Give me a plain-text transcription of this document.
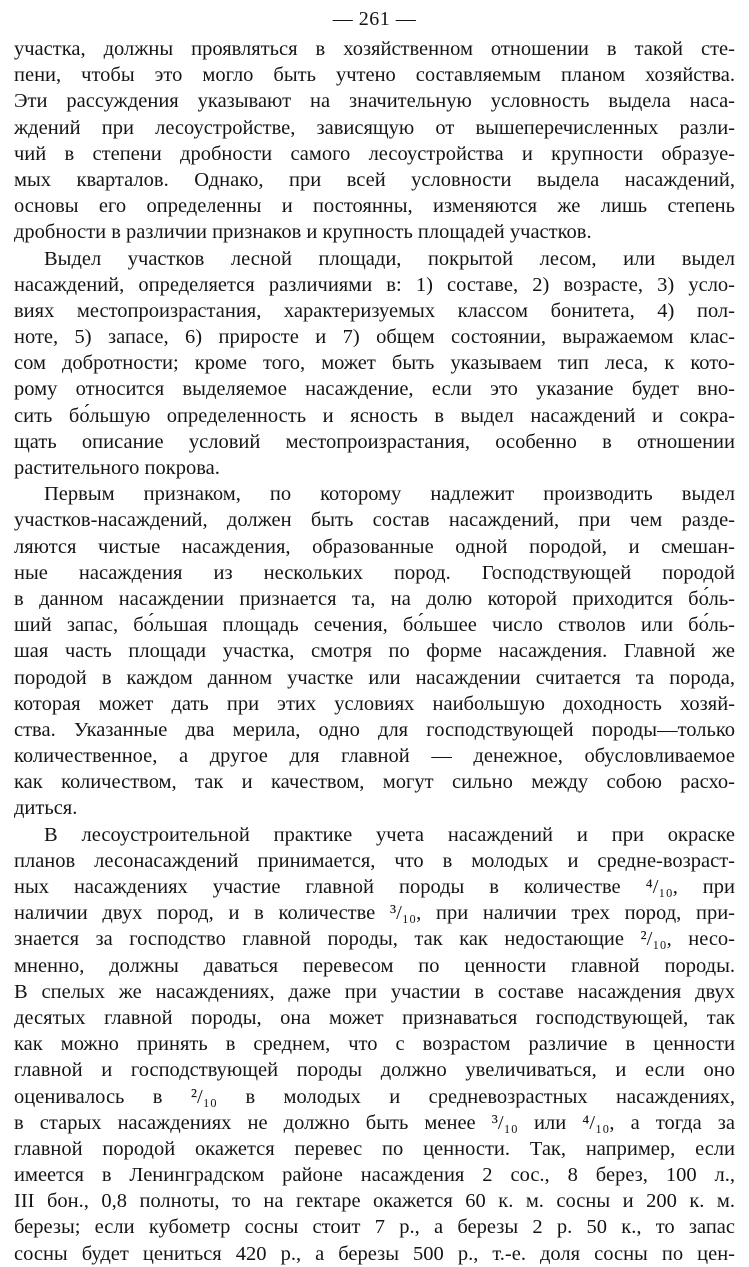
— 261 —
участка, должны проявляться в хозяйственном отношении в такой сте-
пени, чтобы это могло быть учтено составляемым планом хозяйства.
Эти рассуждения указывают на значительную условность выдела наса-
ждений при лесоустройстве, зависящую от вышеперечисленных разли-
чий в степени дробности самого лесоустройства и крупности образуе-
мых кварталов. Однако, при всей условности выдела насаждений,
основы его определенны и постоянны, изменяются же лишь степень
дробности в различии признаков и крупность площадей участков.
Выдел участков лесной площади, покрытой лесом, или выдел
насаждений, определяется различиями в: 1) составе, 2) возрасте, 3) усло-
виях местопроизрастания, характеризуемых классом бонитета, 4) пол-
ноте, 5) запасе, 6) приросте и 7) общем состоянии, выражаемом клас-
сом добротности; кроме того, может быть указываем тип леса, к кото-
рому относится выделяемое насаждение, если это указание будет вно-
сить бо́льшую определенность и ясность в выдел насаждений и сокра-
щать описание условий местопроизрастания, особенно в отношении
растительного покрова.
Первым признаком, по которому надлежит производить выдел
участков-насаждений, должен быть состав насаждений, при чем разде-
ляются чистые насаждения, образованные одной породой, и смешан-
ные насаждения из нескольких пород. Господствующей породой
в данном насаждении признается та, на долю которой приходится бо́ль-
ший запас, бо́льшая площадь сечения, бо́льшее число стволов или бо́ль-
шая часть площади участка, смотря по форме насаждения. Главной же
породой в каждом данном участке или насаждении считается та порода,
которая может дать при этих условиях наибольшую доходность хозяй-
ства. Указанные два мерила, одно для господствующей породы—только
количественное, а другое для главной — денежное, обусловливаемое
как количеством, так и качеством, могут сильно между собою расхо-
диться.
В лесоустроительной практике учета насаждений и при окраске
планов лесонасаждений принимается, что в молодых и средне-возраст-
ных насаждениях участие главной породы в количестве ⁴/₁₀, при
наличии двух пород, и в количестве ³/₁₀, при наличии трех пород, при-
знается за господство главной породы, так как недостающие ²/₁₀, несо-
мненно, должны даваться перевесом по ценности главной породы.
В спелых же насаждениях, даже при участии в составе насаждения двух
десятых главной породы, она может признаваться господствующей, так
как можно принять в среднем, что с возрастом различие в ценности
главной и господствующей породы должно увеличиваться, и если оно
оценивалось в ²/₁₀ в молодых и средневозрастных насаждениях,
в старых насаждениях не должно быть менее ³/₁₀ или ⁴/₁₀, а тогда за
главной породой окажется перевес по ценности. Так, например, если
имеется в Ленинградском районе насаждения 2 сос., 8 берез, 100 л.,
III бон., 0,8 полноты, то на гектаре окажется 60 к. м. сосны и 200 к. м.
березы; если кубометр сосны стоит 7 р., а березы 2 р. 50 к., то запас
сосны будет цениться 420 р., а березы 500 р., т.-е. доля сосны по цен-
